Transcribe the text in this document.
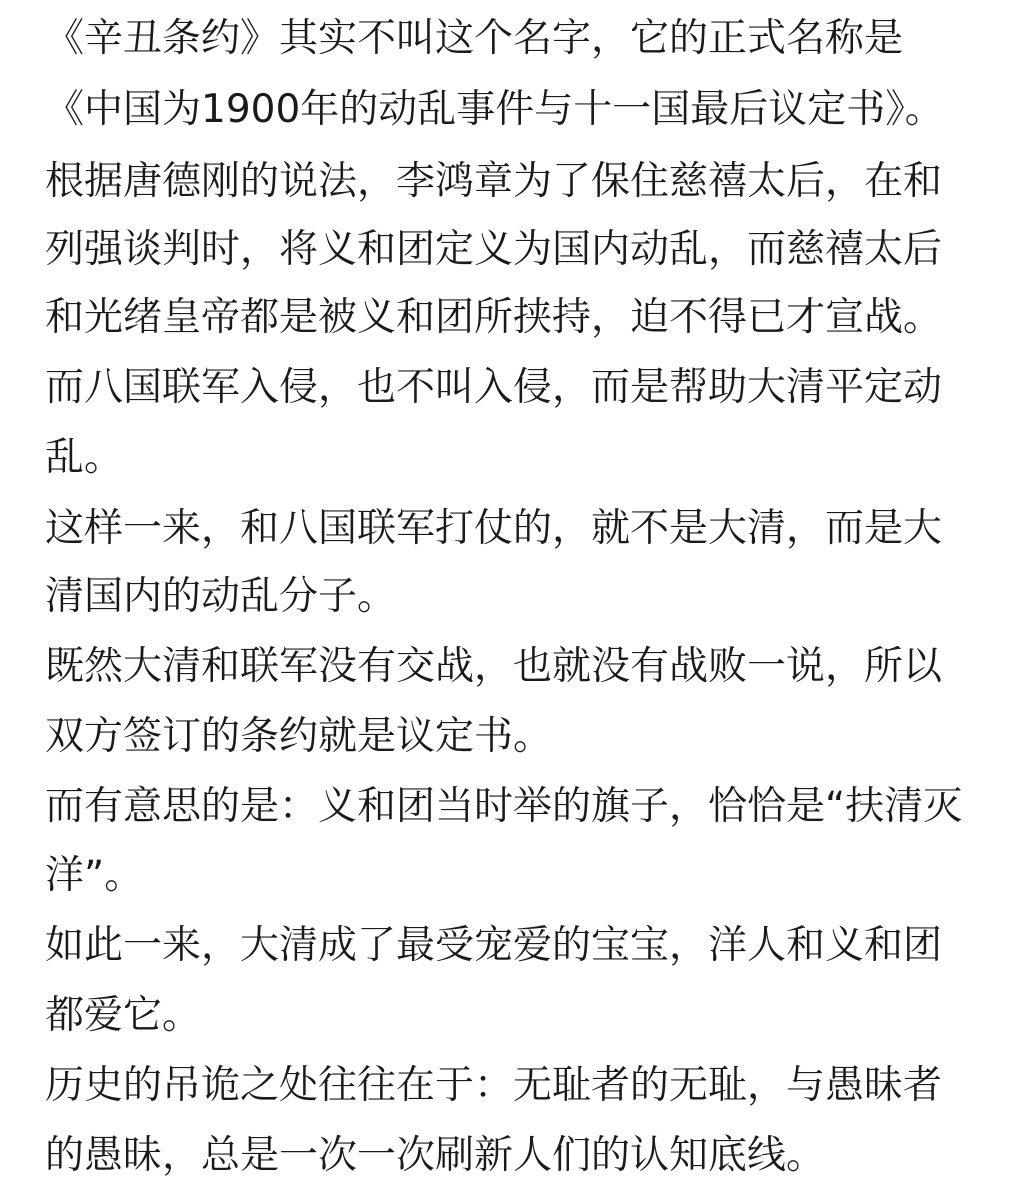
《辛丑条约》其实不叫这个名字，它的正式名称是
《中国为1900年的动乱事件与十一国最后议定书》。
根据唐德刚的说法，李鸿章为了保住慈禧太后，在和
列强谈判时，将义和团定义为国内动乱，而慈禧太后
和光绪皇帝都是被义和团所挟持，迫不得已才宣战。
而八国联军入侵，也不叫入侵，而是帮助大清平定动
乱。
这样一来，和八国联军打仗的，就不是大清，而是大
清国内的动乱分子。
既然大清和联军没有交战，也就没有战败一说，所以
双方签订的条约就是议定书。
而有意思的是：义和团当时举的旗子，恰恰是“扶清灭
洋”。
如此一来，大清成了最受宠爱的宝宝，洋人和义和团
都爱它。
历史的吊诡之处往往在于：无耻者的无耻，与愚昧者
的愚昧，总是一次一次刷新人们的认知底线。
